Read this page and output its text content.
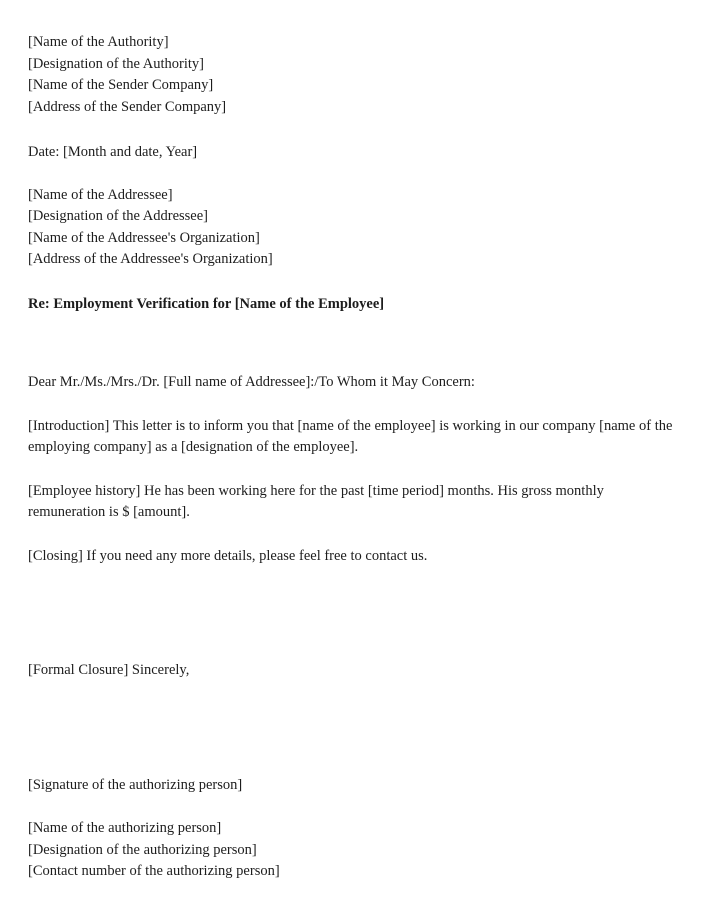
[Name of the Authority]
[Designation of the Authority]
[Name of the Sender Company]
[Address of the Sender Company]
Date: [Month and date, Year]
[Name of the Addressee]
[Designation of the Addressee]
[Name of the Addressee's Organization]
[Address of the Addressee's Organization]
Re: Employment Verification for [Name of the Employee]
Dear Mr./Ms./Mrs./Dr. [Full name of Addressee]:/To Whom it May Concern:
[Introduction] This letter is to inform you that [name of the employee] is working in our company [name of the
employing company] as a [designation of the employee].
[Employee history] He has been working here for the past [time period] months. His gross monthly
remuneration is $ [amount].
[Closing] If you need any more details, please feel free to contact us.
[Formal Closure] Sincerely,
[Signature of the authorizing person]
[Name of the authorizing person]
[Designation of the authorizing person]
[Contact number of the authorizing person]
